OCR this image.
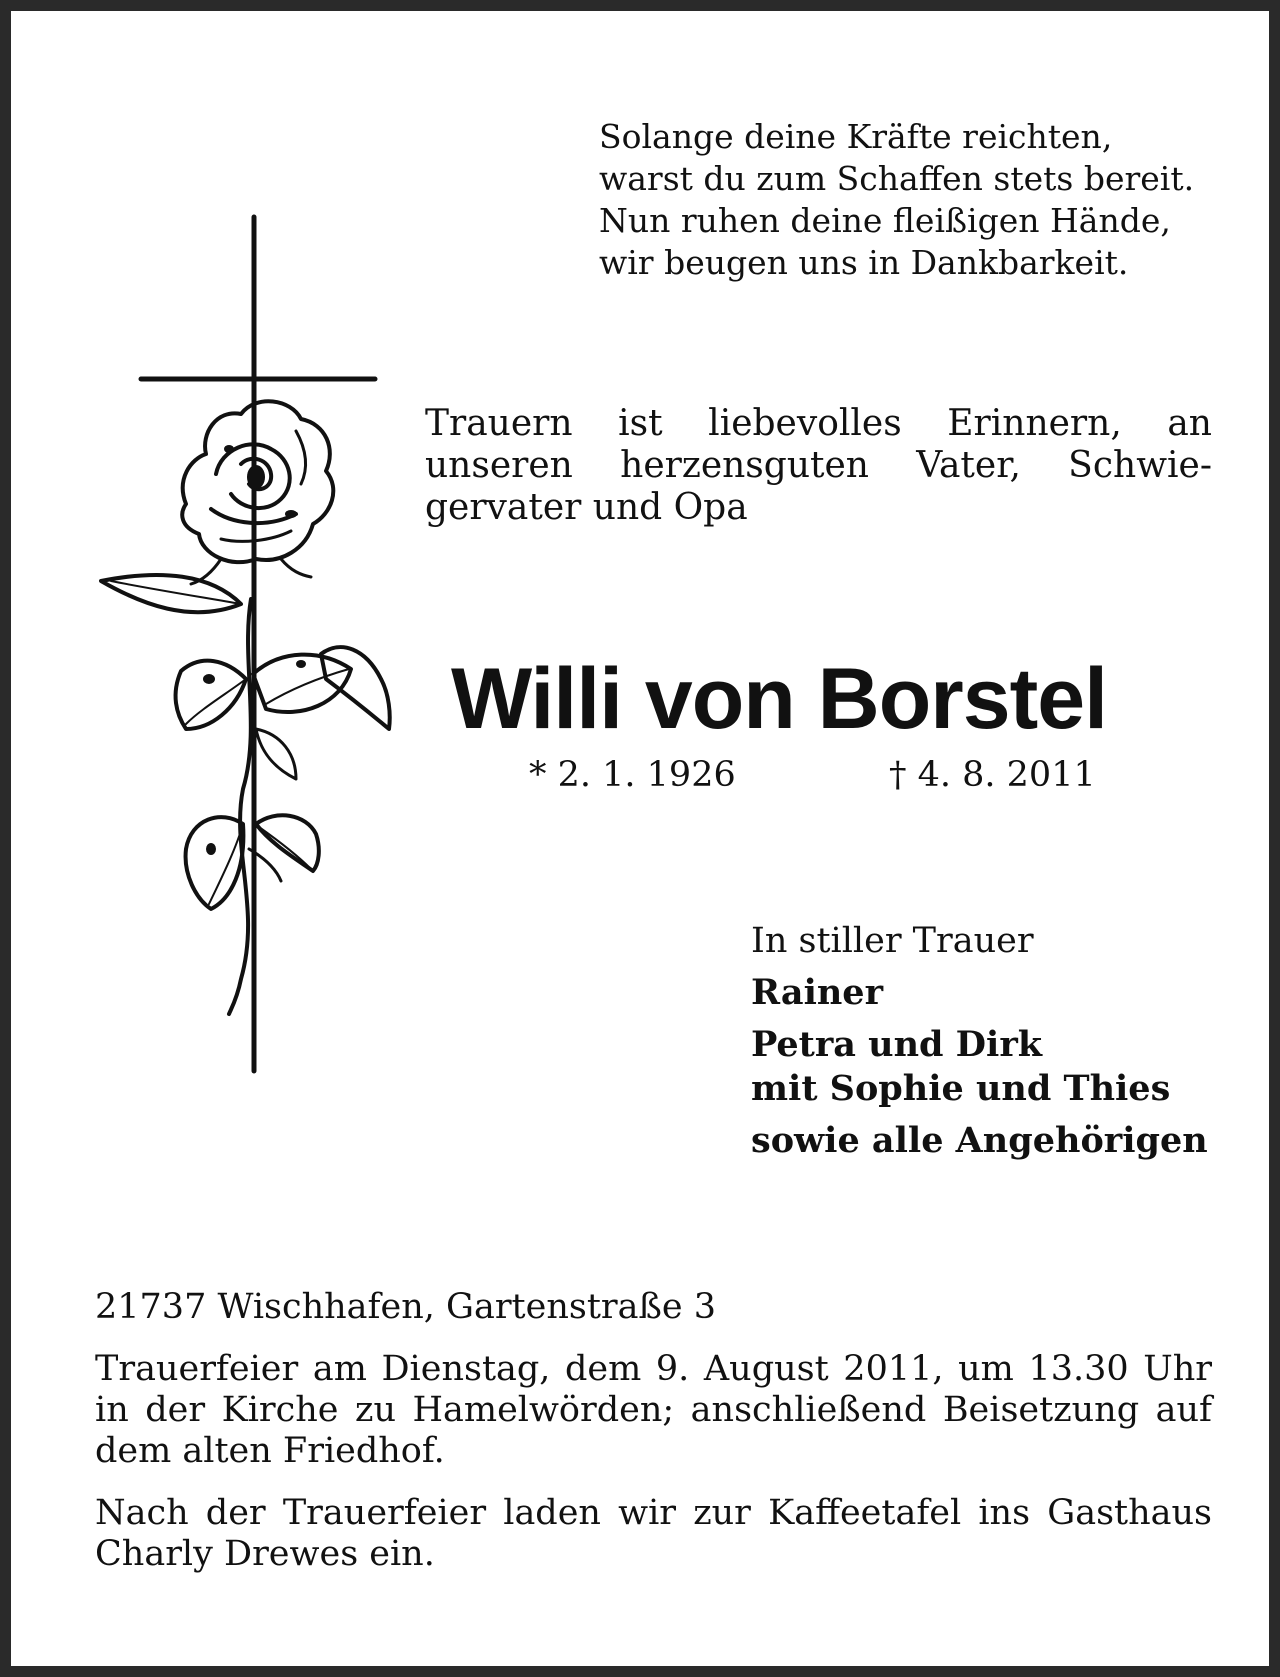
Solange deine Kräfte reichten,
warst du zum Schaffen stets bereit.
Nun ruhen deine fleißigen Hände,
wir beugen uns in Dankbarkeit.
Trauern ist liebevolles Erinnern, an unseren herzensguten Vater, Schwiegervater und Opa
Willi von Borstel
* 2. 1. 1926	† 4. 8. 2011
In stiller Trauer
Rainer
Petra und Dirk
mit Sophie und Thies
sowie alle Angehörigen
21737 Wischhafen, Gartenstraße 3
Trauerfeier am Dienstag, dem 9. August 2011, um 13.30 Uhr in der Kirche zu Hamelwörden; anschließend Beisetzung auf dem alten Friedhof.
Nach der Trauerfeier laden wir zur Kaffeetafel ins Gasthaus Charly Drewes ein.
